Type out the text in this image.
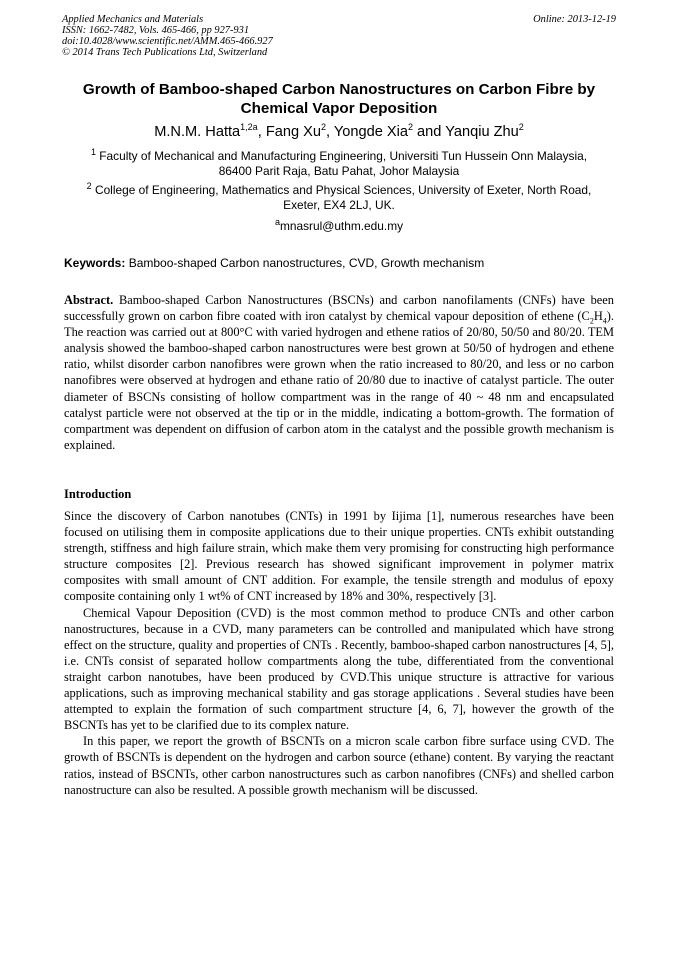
Applied Mechanics and Materials
ISSN: 1662-7482, Vols. 465-466, pp 927-931
doi:10.4028/www.scientific.net/AMM.465-466.927
© 2014 Trans Tech Publications Ltd, Switzerland
Online: 2013-12-19
Growth of Bamboo-shaped Carbon Nanostructures on Carbon Fibre by
Chemical Vapor Deposition
M.N.M. Hatta$^{1,2a}$, Fang Xu$^2$, Yongde Xia$^2$ and Yanqiu Zhu$^2$
$^1$ Faculty of Mechanical and Manufacturing Engineering, Universiti Tun Hussein Onn Malaysia,
86400 Parit Raja, Batu Pahat, Johor Malaysia
$^2$ College of Engineering, Mathematics and Physical Sciences, University of Exeter, North Road,
Exeter, EX4 2LJ, UK.
$^a$mnasrul@uthm.edu.my
Keywords: Bamboo-shaped Carbon nanostructures, CVD, Growth mechanism
Abstract. Bamboo-shaped Carbon Nanostructures (BSCNs) and carbon nanofilaments (CNFs) have been successfully grown on carbon fibre coated with iron catalyst by chemical vapour deposition of ethene $(C_2H_4)$. The reaction was carried out at 800°C with varied hydrogen and ethene ratios of 20/80, 50/50 and 80/20. TEM analysis showed the bamboo-shaped carbon nanostructures were best grown at 50/50 of hydrogen and ethene ratio, whilst disorder carbon nanofibres were grown when the ratio increased to 80/20, and less or no carbon nanofibres were observed at hydrogen and ethane ratio of 20/80 due to inactive of catalyst particle. The outer diameter of BSCNs consisting of hollow compartment was in the range of 40 ~ 48 nm and encapsulated catalyst particle were not observed at the tip or in the middle, indicating a bottom-growth. The formation of compartment was dependent on diffusion of carbon atom in the catalyst and the possible growth mechanism is explained.
Introduction

Since the discovery of Carbon nanotubes (CNTs) in 1991 by Iijima [1], numerous researches have been focused on utilising them in composite applications due to their unique properties. CNTs exhibit outstanding strength, stiffness and high failure strain, which make them very promising for constructing high performance structure composites [2]. Previous research has showed significant improvement in polymer matrix composites with small amount of CNT addition. For example, the tensile strength and modulus of epoxy composite containing only 1 wt% of CNT increased by 18% and 30%, respectively [3].

Chemical Vapour Deposition (CVD) is the most common method to produce CNTs and other carbon nanostructures, because in a CVD, many parameters can be controlled and manipulated which have strong effect on the structure, quality and properties of CNTs . Recently, bamboo-shaped carbon nanostructures [4, 5], i.e. CNTs consist of separated hollow compartments along the tube, differentiated from the conventional straight carbon nanotubes, have been produced by CVD.This unique structure is attractive for various applications, such as improving mechanical stability and gas storage applications . Several studies have been attempted to explain the formation of such compartment structure [4, 6, 7], however the growth of the BSCNTs has yet to be clarified due to its complex nature.

In this paper, we report the growth of BSCNTs on a micron scale carbon fibre surface using CVD. The growth of BSCNTs is dependent on the hydrogen and carbon source (ethane) content. By varying the reactant ratios, instead of BSCNTs, other carbon nanostructures such as carbon nanofibres (CNFs) and shelled carbon nanostructure can also be resulted. A possible growth mechanism will be discussed.
